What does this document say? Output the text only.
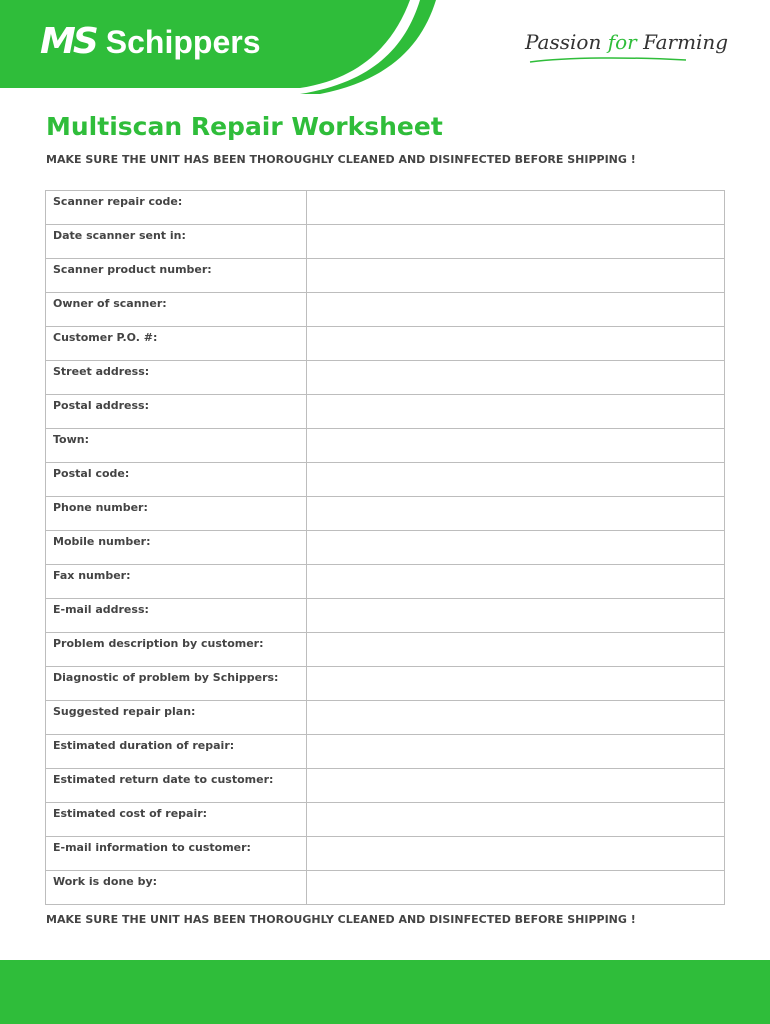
MS Schippers	Passion for Farming
Multiscan Repair Worksheet

MAKE SURE THE UNIT HAS BEEN THOROUGHLY CLEANED AND DISINFECTED BEFORE SHIPPING !

Scanner repair code:	
Date scanner sent in:	
Scanner product number:	
Owner of scanner:	
Customer P.O. #:	
Street address:	
Postal address:	
Town:	
Postal code:	
Phone number:	
Mobile number:	
Fax number:	
E-mail address:	
Problem description by customer:	
Diagnostic of problem by Schippers:	
Suggested repair plan:	
Estimated duration of repair:	
Estimated return date to customer:	
Estimated cost of repair:	
E-mail information to customer:	
Work is done by:	

MAKE SURE THE UNIT HAS BEEN THOROUGHLY CLEANED AND DISINFECTED BEFORE SHIPPING !
